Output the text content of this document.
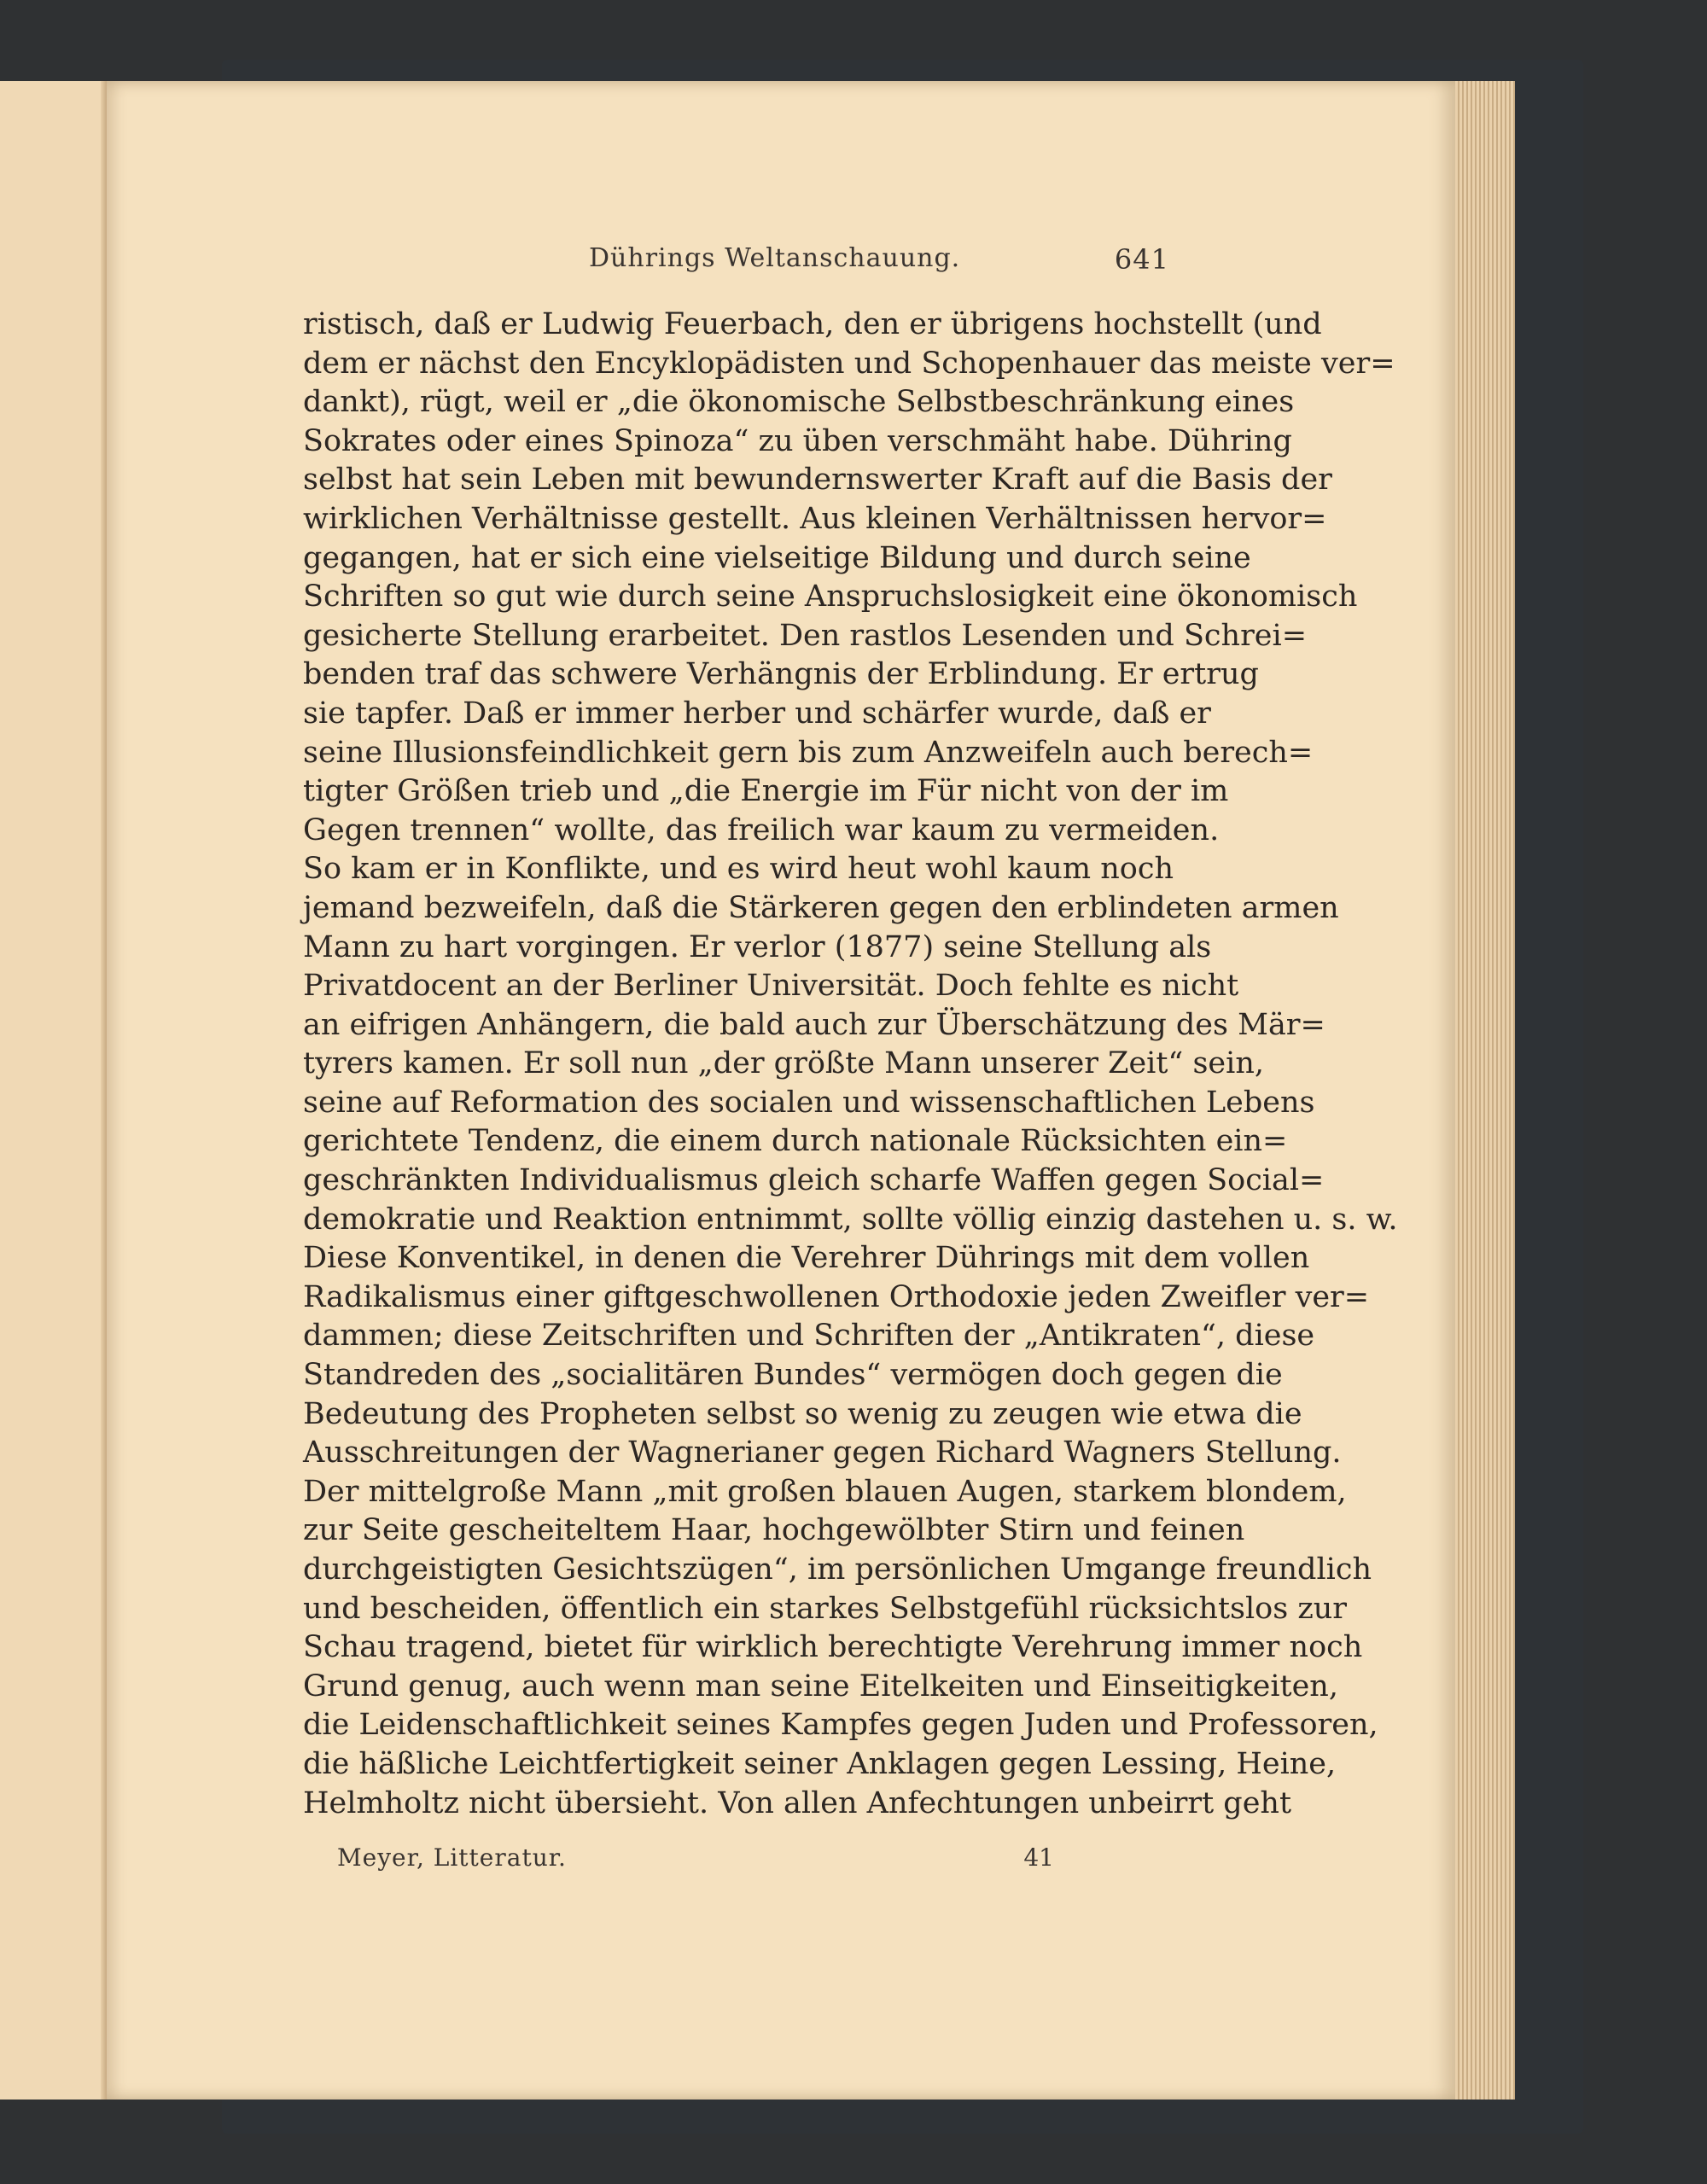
Dührings Weltanschauung.	641
ristisch, daß er Ludwig Feuerbach, den er übrigens hochstellt (und
dem er nächst den Encyklopädisten und Schopenhauer das meiste ver=
dankt), rügt, weil er „die ökonomische Selbstbeschränkung eines
Sokrates oder eines Spinoza“ zu üben verschmäht habe. Dühring
selbst hat sein Leben mit bewundernswerter Kraft auf die Basis der
wirklichen Verhältnisse gestellt. Aus kleinen Verhältnissen hervor=
gegangen, hat er sich eine vielseitige Bildung und durch seine
Schriften so gut wie durch seine Anspruchslosigkeit eine ökonomisch
gesicherte Stellung erarbeitet. Den rastlos Lesenden und Schrei=
benden traf das schwere Verhängnis der Erblindung. Er ertrug
sie tapfer. Daß er immer herber und schärfer wurde, daß er
seine Illusionsfeindlichkeit gern bis zum Anzweifeln auch berech=
tigter Größen trieb und „die Energie im Für nicht von der im
Gegen trennen“ wollte, das freilich war kaum zu vermeiden.
So kam er in Konflikte, und es wird heut wohl kaum noch
jemand bezweifeln, daß die Stärkeren gegen den erblindeten armen
Mann zu hart vorgingen. Er verlor (1877) seine Stellung als
Privatdocent an der Berliner Universität. Doch fehlte es nicht
an eifrigen Anhängern, die bald auch zur Überschätzung des Mär=
tyrers kamen. Er soll nun „der größte Mann unserer Zeit“ sein,
seine auf Reformation des socialen und wissenschaftlichen Lebens
gerichtete Tendenz, die einem durch nationale Rücksichten ein=
geschränkten Individualismus gleich scharfe Waffen gegen Social=
demokratie und Reaktion entnimmt, sollte völlig einzig dastehen u. s. w.
Diese Konventikel, in denen die Verehrer Dührings mit dem vollen
Radikalismus einer giftgeschwollenen Orthodoxie jeden Zweifler ver=
dammen; diese Zeitschriften und Schriften der „Antikraten“, diese
Standreden des „socialitären Bundes“ vermögen doch gegen die
Bedeutung des Propheten selbst so wenig zu zeugen wie etwa die
Ausschreitungen der Wagnerianer gegen Richard Wagners Stellung.
Der mittelgroße Mann „mit großen blauen Augen, starkem blondem,
zur Seite gescheiteltem Haar, hochgewölbter Stirn und feinen
durchgeistigten Gesichtszügen“, im persönlichen Umgange freundlich
und bescheiden, öffentlich ein starkes Selbstgefühl rücksichtslos zur
Schau tragend, bietet für wirklich berechtigte Verehrung immer noch
Grund genug, auch wenn man seine Eitelkeiten und Einseitigkeiten,
die Leidenschaftlichkeit seines Kampfes gegen Juden und Professoren,
die häßliche Leichtfertigkeit seiner Anklagen gegen Lessing, Heine,
Helmholtz nicht übersieht. Von allen Anfechtungen unbeirrt geht
Meyer, Litteratur.	41
